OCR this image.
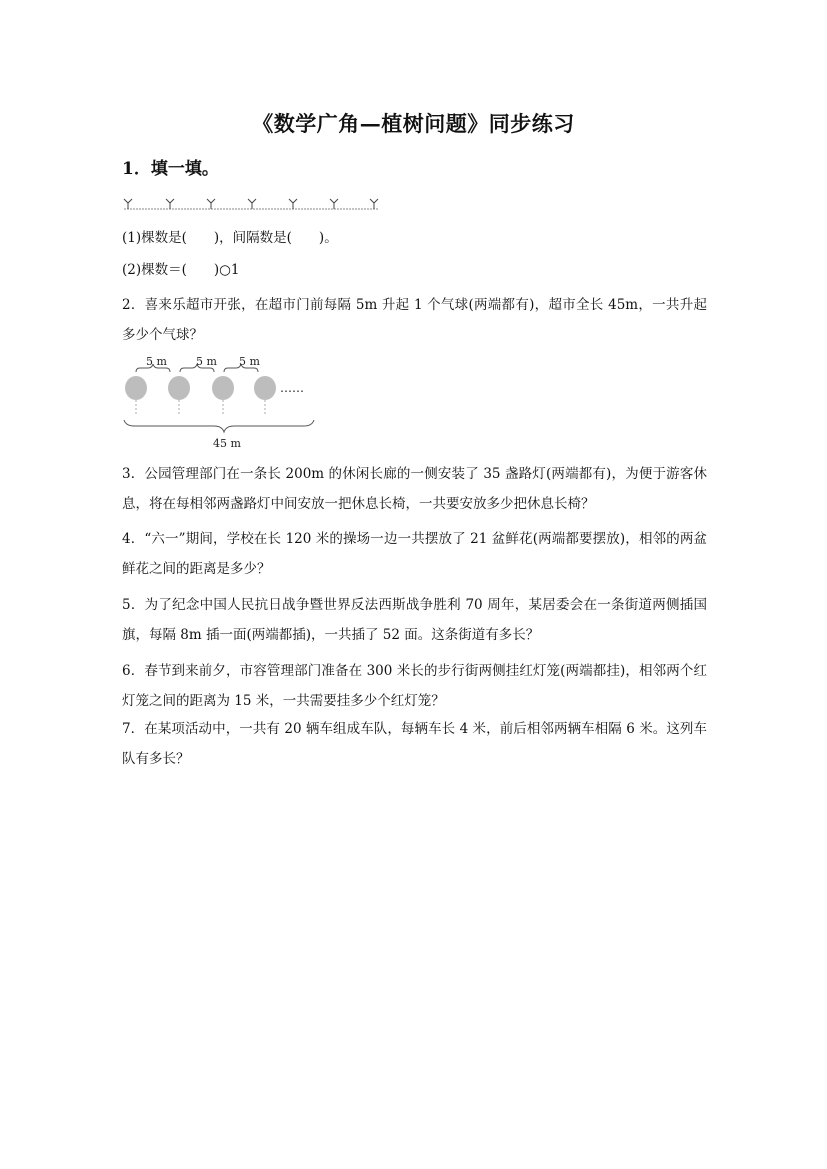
《数学广角—植树问题》同步练习
1．填一填。
(1)棵数是(　　)，间隔数是(　　)。
(2)棵数＝(　　)○1
2．喜来乐超市开张，在超市门前每隔 5m 升起 1 个气球(两端都有)，超市全长 45m，一共升起多少个气球？
5 m	5 m 5 m
……
45 m
3．公园管理部门在一条长 200m 的休闲长廊的一侧安装了 35 盏路灯(两端都有)，为便于游客休息，将在每相邻两盏路灯中间安放一把休息长椅，一共要安放多少把休息长椅？
4．“六一”期间，学校在长 120 米的操场一边一共摆放了 21 盆鲜花(两端都要摆放)，相邻的两盆鲜花之间的距离是多少？
5．为了纪念中国人民抗日战争暨世界反法西斯战争胜利 70 周年，某居委会在一条街道两侧插国旗，每隔 8m 插一面(两端都插)，一共插了 52 面。这条街道有多长？
6．春节到来前夕，市容管理部门准备在 300 米长的步行街两侧挂红灯笼(两端都挂)，相邻两个红灯笼之间的距离为 15 米，一共需要挂多少个红灯笼？
7．在某项活动中，一共有 20 辆车组成车队，每辆车长 4 米，前后相邻两辆车相隔 6 米。这列车队有多长？
